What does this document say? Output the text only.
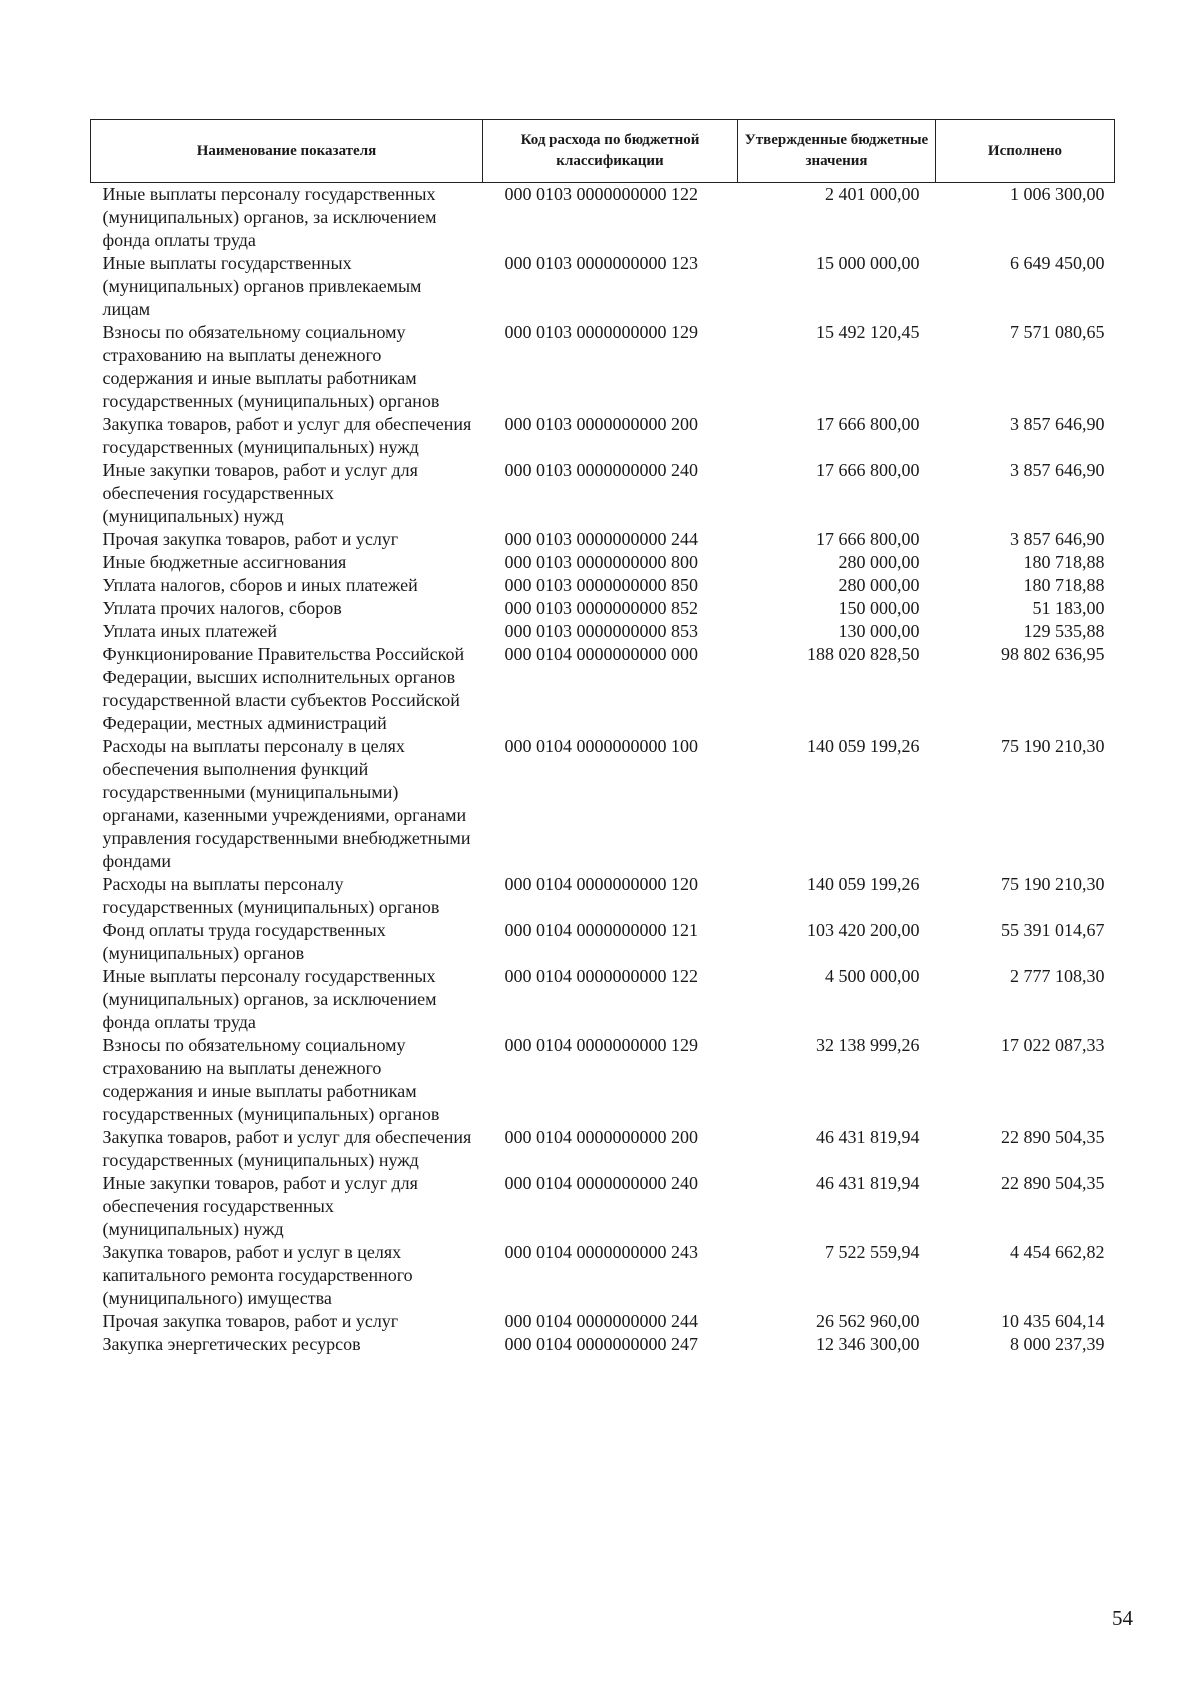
Наименование показателя	Код расхода по бюджетной классификации	Утвержденные бюджетные значения	Исполнено
Иные выплаты персоналу государственных (муниципальных) органов, за исключением фонда оплаты труда	000 0103 0000000000 122	2 401 000,00	1 006 300,00
Иные выплаты государственных (муниципальных) органов привлекаемым лицам	000 0103 0000000000 123	15 000 000,00	6 649 450,00
Взносы по обязательному социальному страхованию на выплаты денежного содержания и иные выплаты работникам государственных (муниципальных) органов	000 0103 0000000000 129	15 492 120,45	7 571 080,65
Закупка товаров, работ и услуг для обеспечения государственных (муниципальных) нужд	000 0103 0000000000 200	17 666 800,00	3 857 646,90
Иные закупки товаров, работ и услуг для обеспечения государственных (муниципальных) нужд	000 0103 0000000000 240	17 666 800,00	3 857 646,90
Прочая закупка товаров, работ и услуг	000 0103 0000000000 244	17 666 800,00	3 857 646,90
Иные бюджетные ассигнования	000 0103 0000000000 800	280 000,00	180 718,88
Уплата налогов, сборов и иных платежей	000 0103 0000000000 850	280 000,00	180 718,88
Уплата прочих налогов, сборов	000 0103 0000000000 852	150 000,00	51 183,00
Уплата иных платежей	000 0103 0000000000 853	130 000,00	129 535,88
Функционирование Правительства Российской Федерации, высших исполнительных органов государственной власти субъектов Российской Федерации, местных администраций	000 0104 0000000000 000	188 020 828,50	98 802 636,95
Расходы на выплаты персоналу в целях обеспечения выполнения функций государственными (муниципальными) органами, казенными учреждениями, органами управления государственными внебюджетными фондами	000 0104 0000000000 100	140 059 199,26	75 190 210,30
Расходы на выплаты персоналу государственных (муниципальных) органов	000 0104 0000000000 120	140 059 199,26	75 190 210,30
Фонд оплаты труда государственных (муниципальных) органов	000 0104 0000000000 121	103 420 200,00	55 391 014,67
Иные выплаты персоналу государственных (муниципальных) органов, за исключением фонда оплаты труда	000 0104 0000000000 122	4 500 000,00	2 777 108,30
Взносы по обязательному социальному страхованию на выплаты денежного содержания и иные выплаты работникам государственных (муниципальных) органов	000 0104 0000000000 129	32 138 999,26	17 022 087,33
Закупка товаров, работ и услуг для обеспечения государственных (муниципальных) нужд	000 0104 0000000000 200	46 431 819,94	22 890 504,35
Иные закупки товаров, работ и услуг для обеспечения государственных (муниципальных) нужд	000 0104 0000000000 240	46 431 819,94	22 890 504,35
Закупка товаров, работ и услуг в целях капитального ремонта государственного (муниципального) имущества	000 0104 0000000000 243	7 522 559,94	4 454 662,82
Прочая закупка товаров, работ и услуг	000 0104 0000000000 244	26 562 960,00	10 435 604,14
Закупка энергетических ресурсов	000 0104 0000000000 247	12 346 300,00	8 000 237,39
54
